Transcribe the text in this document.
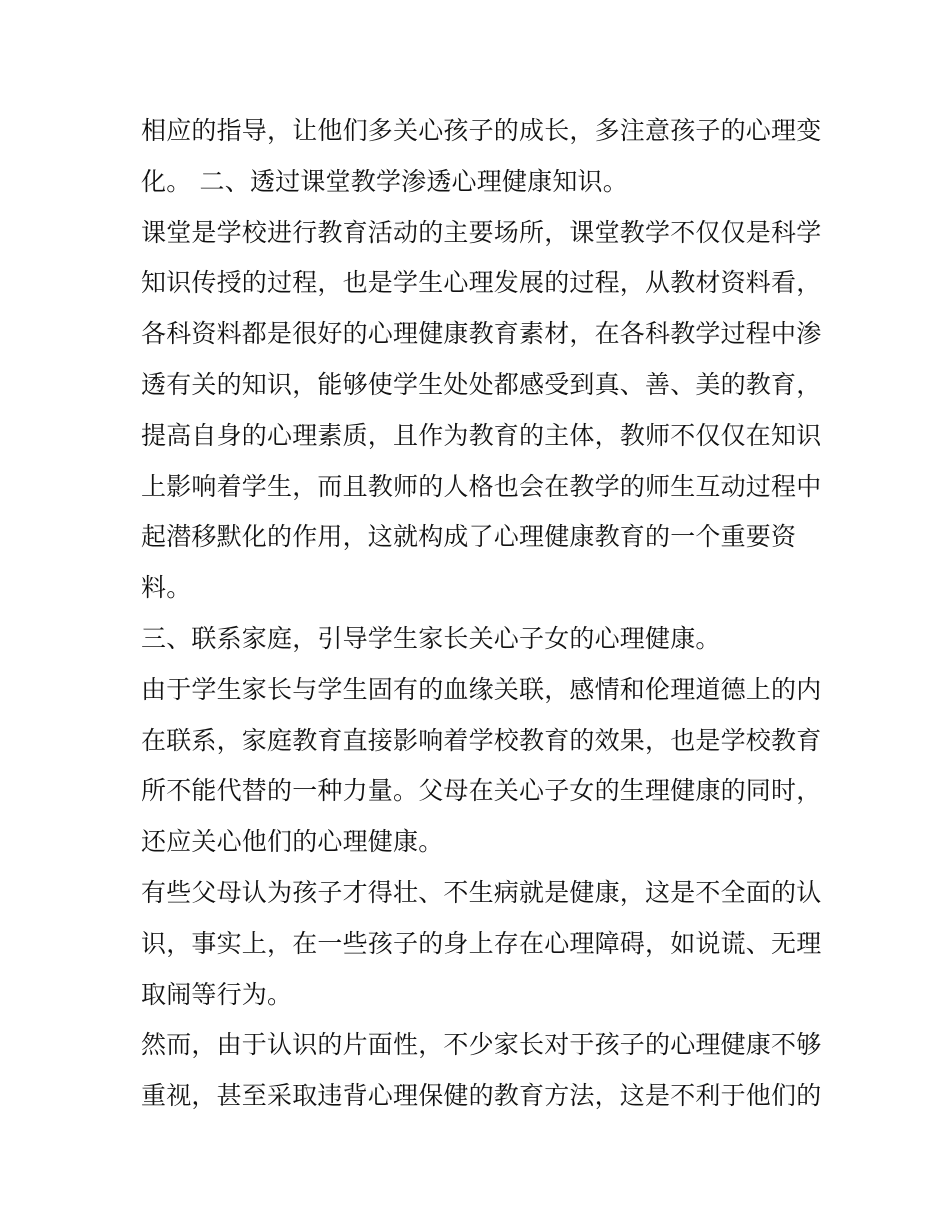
相应的指导，让他们多关心孩子的成长，多注意孩子的心理变
化。 二、透过课堂教学渗透心理健康知识。
课堂是学校进行教育活动的主要场所，课堂教学不仅仅是科学
知识传授的过程，也是学生心理发展的过程，从教材资料看，
各科资料都是很好的心理健康教育素材，在各科教学过程中渗
透有关的知识，能够使学生处处都感受到真、善、美的教育，
提高自身的心理素质，且作为教育的主体，教师不仅仅在知识
上影响着学生，而且教师的人格也会在教学的师生互动过程中
起潜移默化的作用，这就构成了心理健康教育的一个重要资
料。
三、联系家庭，引导学生家长关心子女的心理健康。
由于学生家长与学生固有的血缘关联，感情和伦理道德上的内
在联系，家庭教育直接影响着学校教育的效果，也是学校教育
所不能代替的一种力量。父母在关心子女的生理健康的同时，
还应关心他们的心理健康。
有些父母认为孩子才得壮、不生病就是健康，这是不全面的认
识，事实上，在一些孩子的身上存在心理障碍，如说谎、无理
取闹等行为。
然而，由于认识的片面性，不少家长对于孩子的心理健康不够
重视，甚至采取违背心理保健的教育方法，这是不利于他们的
